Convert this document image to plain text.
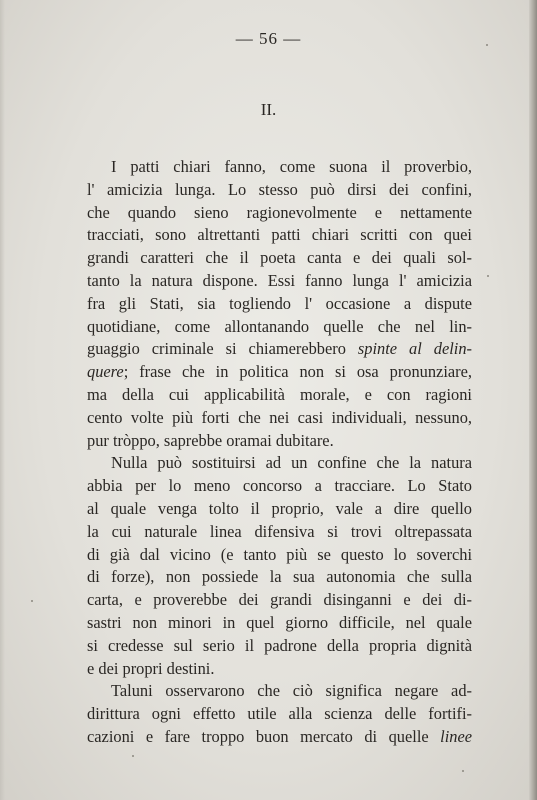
— 56 —
II.
I patti chiari fanno, come suona il proverbio,
l' amicizia lunga. Lo stesso può dirsi dei confini,
che quando sieno ragionevolmente e nettamente
tracciati, sono altrettanti patti chiari scritti con quei
grandi caratteri che il poeta canta e dei quali sol-
tanto la natura dispone. Essi fanno lunga l' amicizia
fra gli Stati, sia togliendo l' occasione a dispute
quotidiane, come allontanando quelle che nel lin-
guaggio criminale si chiamerebbero spinte al delin-
quere; frase che in politica non si osa pronunziare,
ma della cui applicabilità morale, e con ragioni
cento volte più forti che nei casi individuali, nessuno,
pur tròppo, saprebbe oramai dubitare.
Nulla può sostituirsi ad un confine che la natura
abbia per lo meno concorso a tracciare. Lo Stato
al quale venga tolto il proprio, vale a dire quello
la cui naturale linea difensiva si trovi oltrepassata
di già dal vicino (e tanto più se questo lo soverchi
di forze), non possiede la sua autonomia che sulla
carta, e proverebbe dei grandi disinganni e dei di-
sastri non minori in quel giorno difficile, nel quale
si credesse sul serio il padrone della propria dignità
e dei propri destini.
Taluni osservarono che ciò significa negare ad-
dirittura ogni effetto utile alla scienza delle fortifi-
cazioni e fare troppo buon mercato di quelle linee
